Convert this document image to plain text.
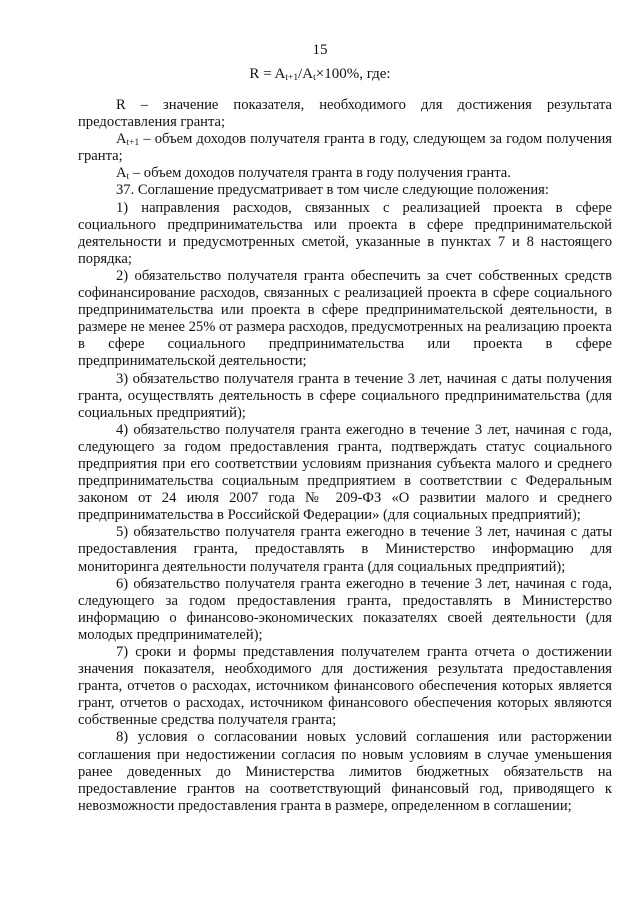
15
$R = A_{t+1}/A_t\times 100\%$, где:

R – значение показателя, необходимого для достижения результата предоставления гранта;

$A_{t+1}$ – объем доходов получателя гранта в году, следующем за годом получения гранта;

$A_t$ – объем доходов получателя гранта в году получения гранта.

37. Соглашение предусматривает в том числе следующие положения:

1) направления расходов, связанных с реализацией проекта в сфере социального предпринимательства или проекта в сфере предпринимательской деятельности и предусмотренных сметой, указанные в пунктах 7 и 8 настоящего порядка;

2) обязательство получателя гранта обеспечить за счет собственных средств софинансирование расходов, связанных с реализацией проекта в сфере социального предпринимательства или проекта в сфере предпринимательской деятельности, в размере не менее 25% от размера расходов, предусмотренных на реализацию проекта в сфере социального предпринимательства или проекта в сфере предпринимательской деятельности;

3) обязательство получателя гранта в течение 3 лет, начиная с даты получения гранта, осуществлять деятельность в сфере социального предпринимательства (для социальных предприятий);

4) обязательство получателя гранта ежегодно в течение 3 лет, начиная с года, следующего за годом предоставления гранта, подтверждать статус социального предприятия при его соответствии условиям признания субъекта малого и среднего предпринимательства социальным предприятием в соответствии с Федеральным законом от 24 июля 2007 года № 209-ФЗ «О развитии малого и среднего предпринимательства в Российской Федерации» (для социальных предприятий);

5) обязательство получателя гранта ежегодно в течение 3 лет, начиная с даты предоставления гранта, предоставлять в Министерство информацию для мониторинга деятельности получателя гранта (для социальных предприятий);

6) обязательство получателя гранта ежегодно в течение 3 лет, начиная с года, следующего за годом предоставления гранта, предоставлять в Министерство информацию о финансово-экономических показателях своей деятельности (для молодых предпринимателей);

7) сроки и формы представления получателем гранта отчета о достижении значения показателя, необходимого для достижения результата предоставления гранта, отчетов о расходах, источником финансового обеспечения которых является грант, отчетов о расходах, источником финансового обеспечения которых являются собственные средства получателя гранта;

8) условия о согласовании новых условий соглашения или расторжении соглашения при недостижении согласия по новым условиям в случае уменьшения ранее доведенных до Министерства лимитов бюджетных обязательств на предоставление грантов на соответствующий финансовый год, приводящего к невозможности предоставления гранта в размере, определенном в соглашении;
